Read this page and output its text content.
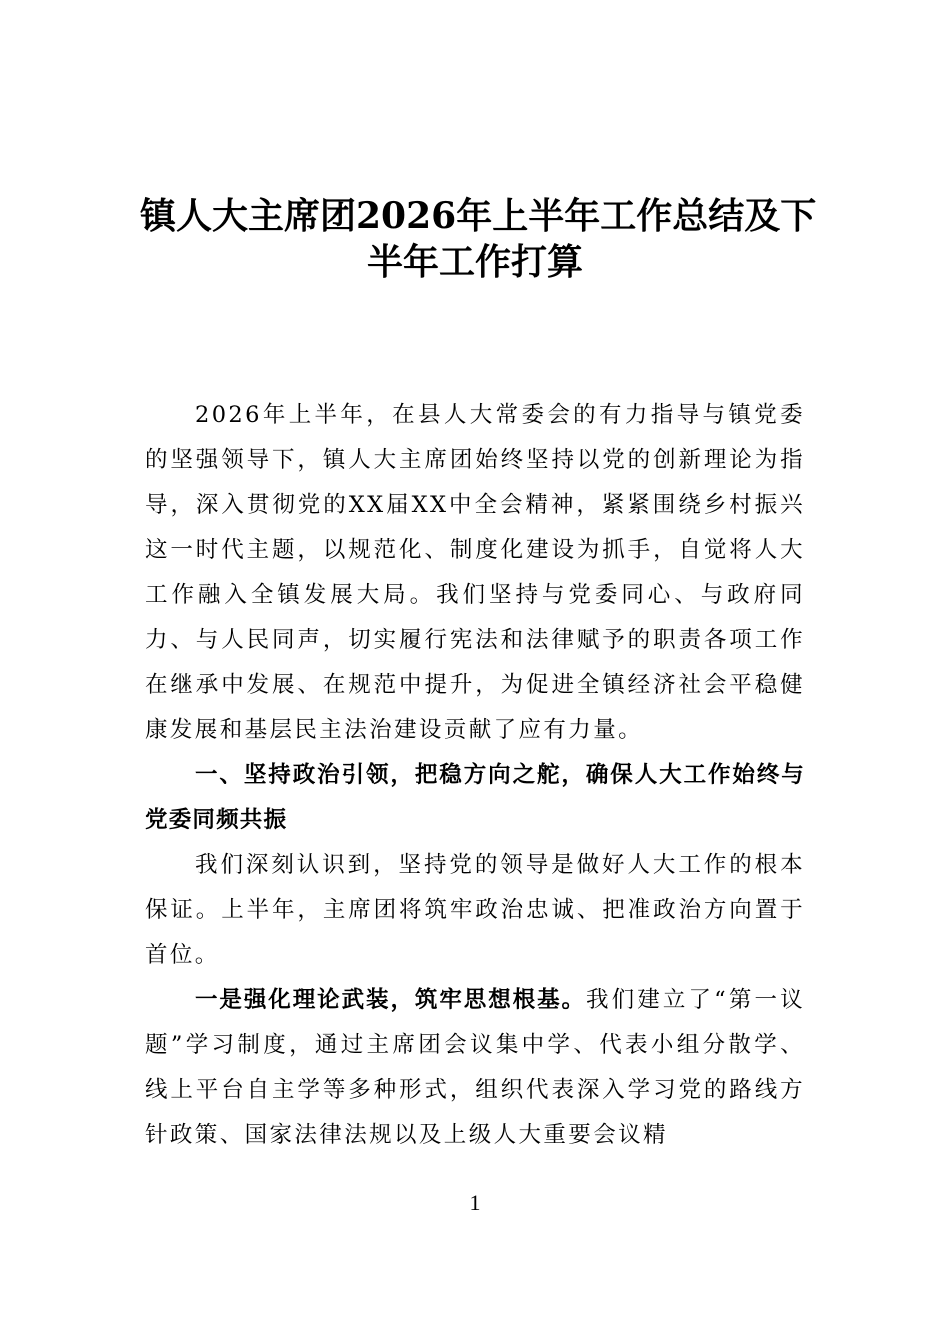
镇人大主席团2026年上半年工作总结及下
半年工作打算

2026年上半年，在县人大常委会的有力指导与镇党委的坚强领导下，镇人大主席团始终坚持以党的创新理论为指导，深入贯彻党的XX届XX中全会精神，紧紧围绕乡村振兴这一时代主题，以规范化、制度化建设为抓手，自觉将人大工作融入全镇发展大局。我们坚持与党委同心、与政府同力、与人民同声，切实履行宪法和法律赋予的职责各项工作在继承中发展、在规范中提升，为促进全镇经济社会平稳健康发展和基层民主法治建设贡献了应有力量。

一、坚持政治引领，把稳方向之舵，确保人大工作始终与党委同频共振

我们深刻认识到，坚持党的领导是做好人大工作的根本保证。上半年，主席团将筑牢政治忠诚、把准政治方向置于首位。

一是强化理论武装，筑牢思想根基。我们建立了“第一议题”学习制度，通过主席团会议集中学、代表小组分散学、线上平台自主学等多种形式，组织代表深入学习党的路线方针政策、国家法律法规以及上级人大重要会议精

1
